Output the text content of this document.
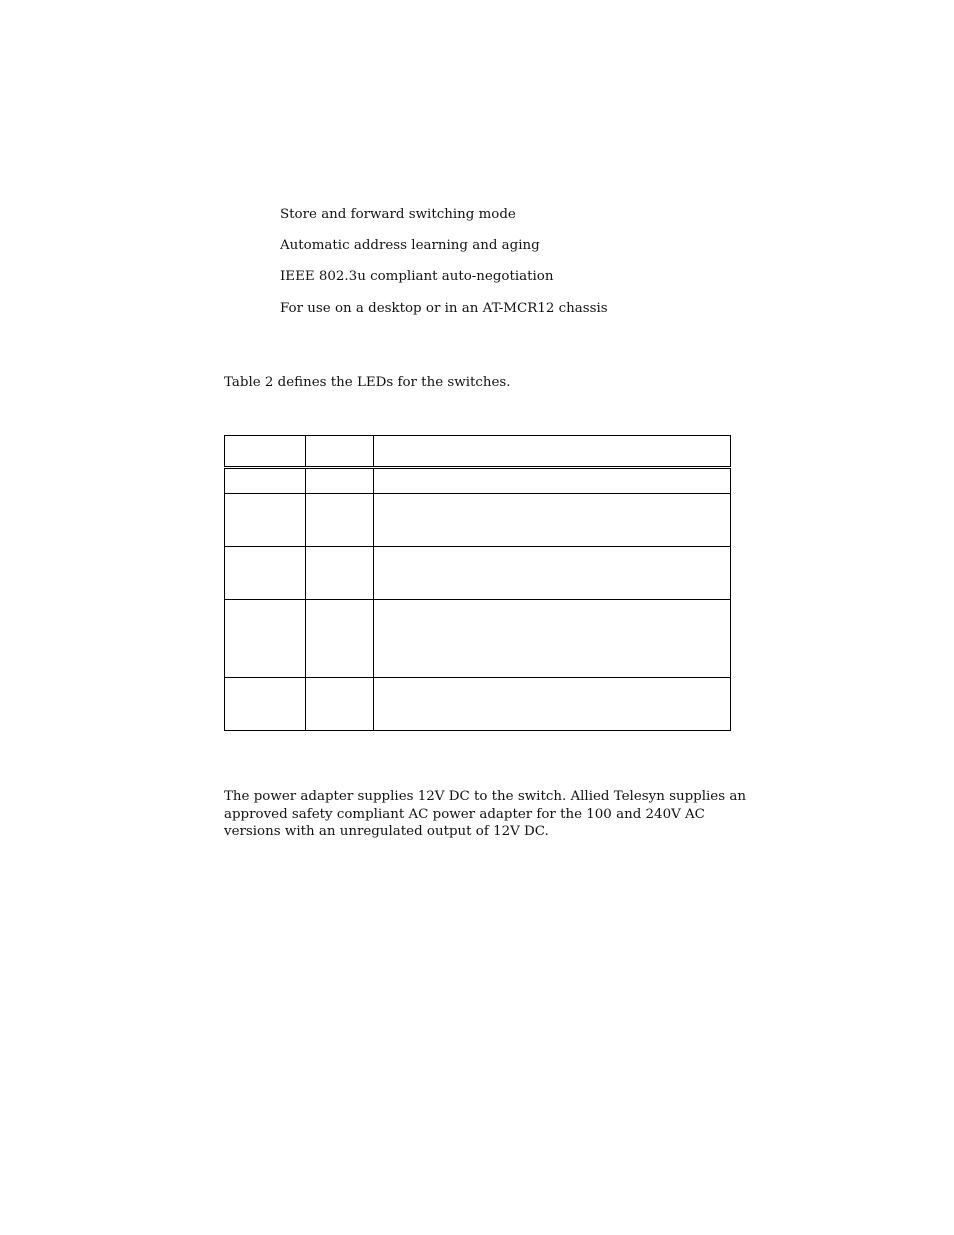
Store and forward switching mode
Automatic address learning and aging
IEEE 802.3u compliant auto-negotiation
For use on a desktop or in an AT-MCR12 chassis

Table 2 defines the LEDs for the switches.

The power adapter supplies 12V DC to the switch. Allied Telesyn supplies an
approved safety compliant AC power adapter for the 100 and 240V AC
versions with an unregulated output of 12V DC.
